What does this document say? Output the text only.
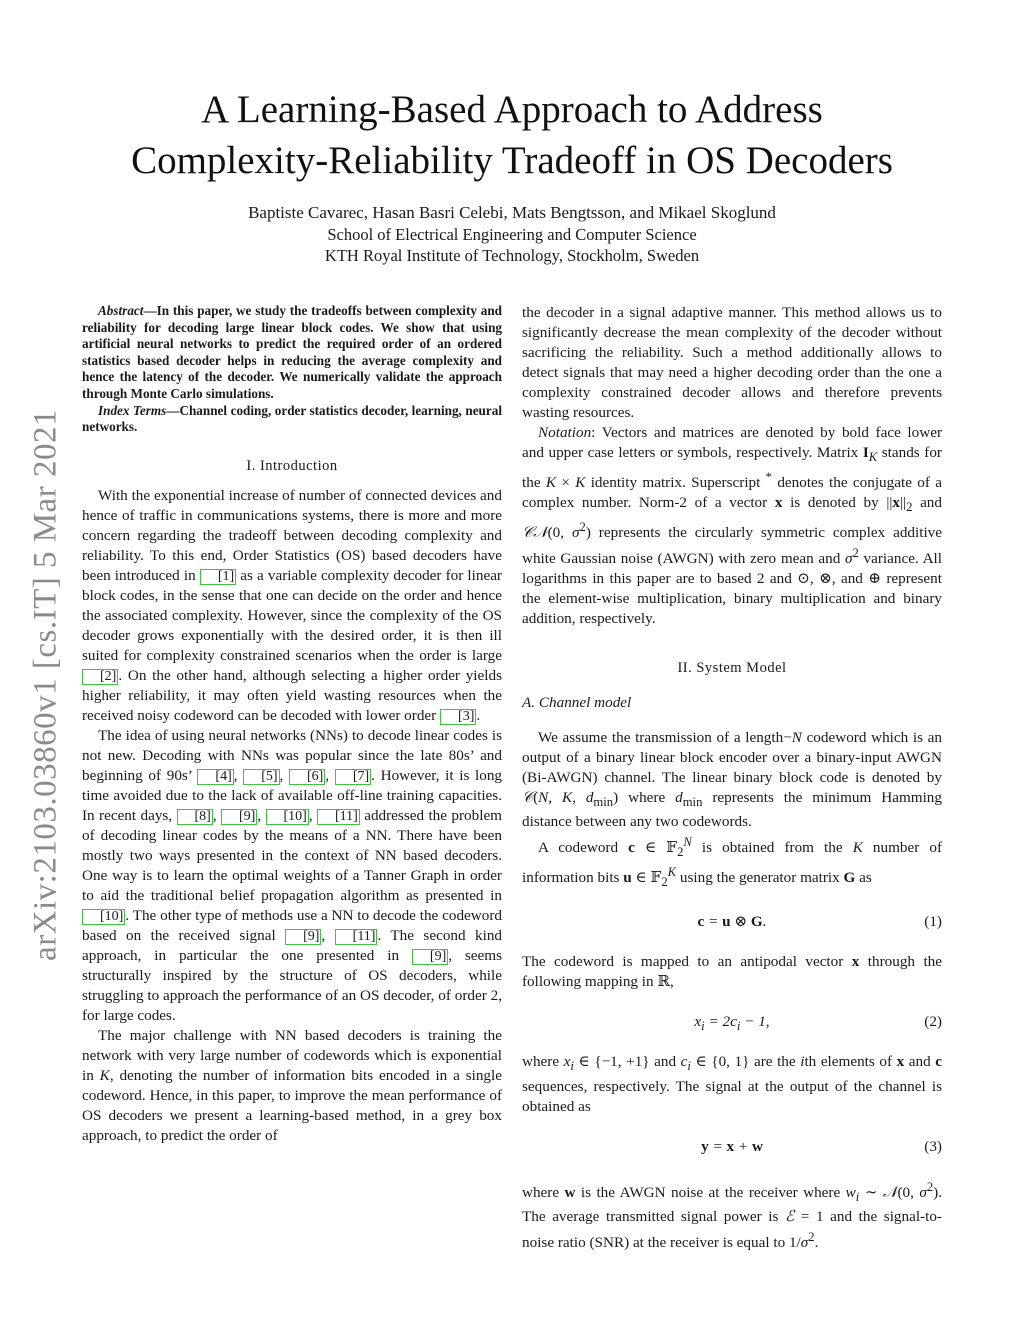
arXiv:2103.03860v1 [cs.IT] 5 Mar 2021
A Learning-Based Approach to Address
Complexity-Reliability Tradeoff in OS Decoders
Baptiste Cavarec, Hasan Basri Celebi, Mats Bengtsson, and Mikael Skoglund
School of Electrical Engineering and Computer Science
KTH Royal Institute of Technology, Stockholm, Sweden

Abstract—In this paper, we study the tradeoffs between complexity and reliability for decoding large linear block codes. We show that using artificial neural networks to predict the required order of an ordered statistics based decoder helps in reducing the average complexity and hence the latency of the decoder. We numerically validate the approach through Monte Carlo simulations.

Index Terms—Channel coding, order statistics decoder, learning, neural networks.

I. Introduction

With the exponential increase of number of connected devices and hence of traffic in communications systems, there is more and more concern regarding the tradeoff between decoding complexity and reliability. To this end, Order Statistics (OS) based decoders have been introduced in [1] as a variable complexity decoder for linear block codes, in the sense that one can decide on the order and hence the associated complexity. However, since the complexity of the OS decoder grows exponentially with the desired order, it is then ill suited for complexity constrained scenarios when the order is large [2] . On the other hand, although selecting a higher order yields higher reliability, it may often yield wasting resources when the received noisy codeword can be decoded with lower order [3] .

The idea of using neural networks (NNs) to decode linear codes is not new. Decoding with NNs was popular since the late 80s’ and beginning of 90s’ [4] , [5] , [6] , [7] . However, it is long time avoided due to the lack of available off-line training capacities. In recent days, [8] , [9] , [10] , [11] addressed the problem of decoding linear codes by the means of a NN. There have been mostly two ways presented in the context of NN based decoders. One way is to learn the optimal weights of a Tanner Graph in order to aid the traditional belief propagation algorithm as presented in [10] . The other type of methods use a NN to decode the codeword based on the received signal [9] , [11] . The second kind approach, in particular the one presented in [9] , seems structurally inspired by the structure of OS decoders, while struggling to approach the performance of an OS decoder, of order 2, for large codes.

The major challenge with NN based decoders is training the network with very large number of codewords which is exponential in K, denoting the number of information bits encoded in a single codeword. Hence, in this paper, to improve the mean performance of OS decoders we present a learning-based method, in a grey box approach, to predict the order of

the decoder in a signal adaptive manner. This method allows us to significantly decrease the mean complexity of the decoder without sacrificing the reliability. Such a method additionally allows to detect signals that may need a higher decoding order than the one a complexity constrained decoder allows and therefore prevents wasting resources.

Notation: Vectors and matrices are denoted by bold face lower and upper case letters or symbols, respectively. Matrix $I_K$ stands for the K × K identity matrix. Superscript * denotes the conjugate of a complex number. Norm-2 of a vector x is denoted by $||x||_2$ and 𝒞𝒩(0, $\sigma^2$) represents the circularly symmetric complex additive white Gaussian noise (AWGN) with zero mean and $\sigma^2$ variance. All logarithms in this paper are to based 2 and ⊙, ⊗, and ⊕ represent the element-wise multiplication, binary multiplication and binary addition, respectively.

II. System Model
A. Channel model

We assume the transmission of a length−N codeword which is an output of a binary linear block encoder over a binary-input AWGN (Bi-AWGN) channel. The linear binary block code is denoted by 𝒞(N, K, $d_{min}$) where $d_{min}$ represents the minimum Hamming distance between any two codewords.

A codeword c ∈ 𝔽$_2^N$ is obtained from the K number of information bits u ∈ 𝔽$_2^K$ using the generator matrix G as

c = u ⊗ G.	(1)

The codeword is mapped to an antipodal vector x through the following mapping in ℝ,

$x_i = 2c_i - 1$,	(2)

where $x_i$ ∈ {−1, +1} and $c_i$ ∈ {0, 1} are the ith elements of x and c sequences, respectively. The signal at the output of the channel is obtained as

y = x + w	(3)

where w is the AWGN noise at the receiver where $w_i$ ∼ 𝒩(0, $\sigma^2$). The average transmitted signal power is ℰ = 1 and the signal-to-noise ratio (SNR) at the receiver is equal to $1/\sigma^2$.
